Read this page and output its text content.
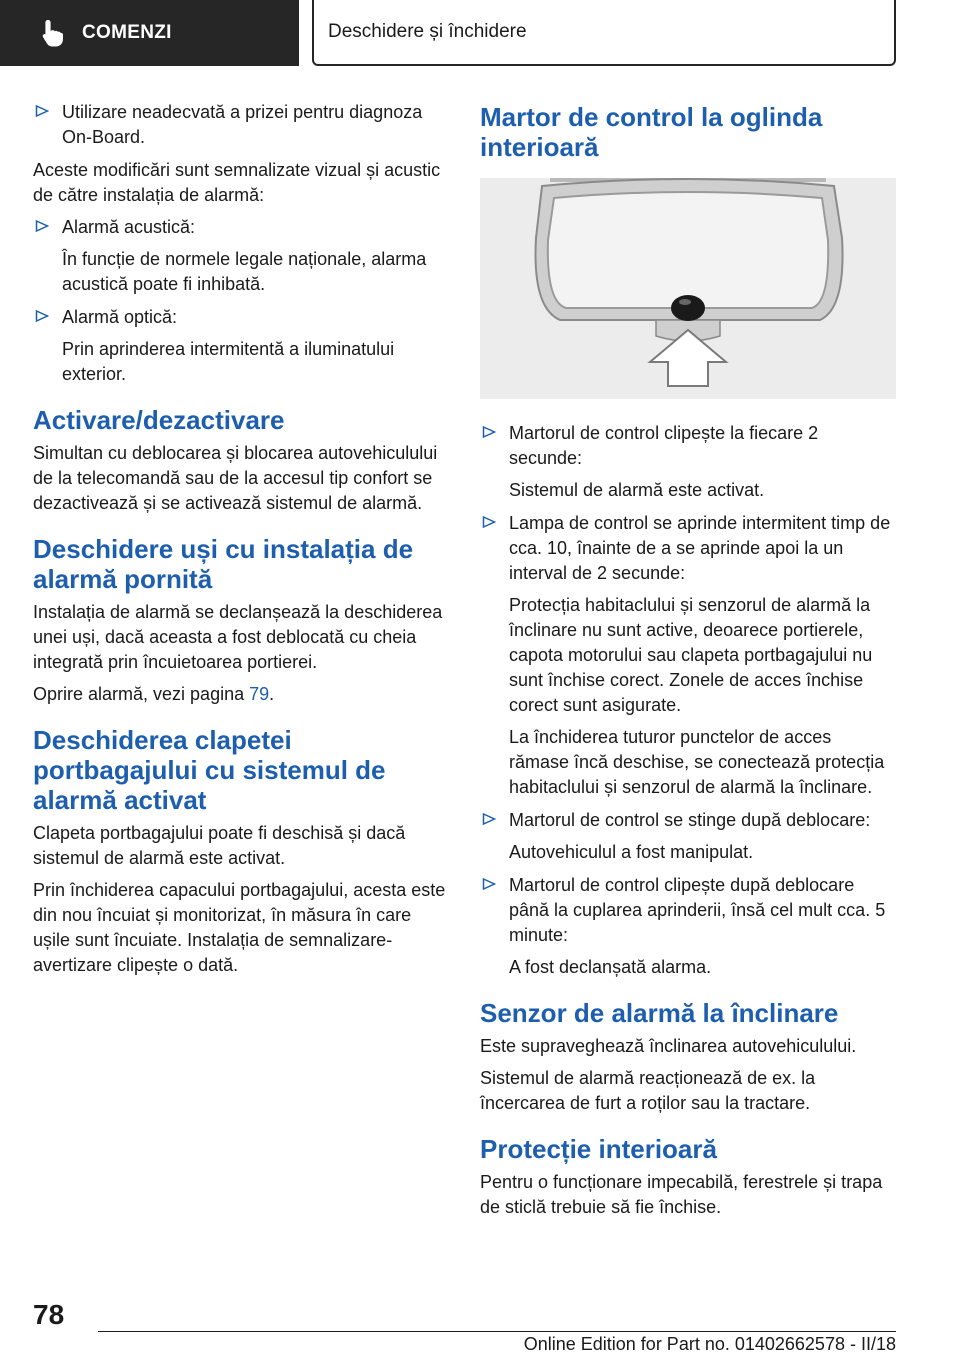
COMENZI	Deschidere și închidere

Utilizare neadecvată a prizei pentru diagnoza On-Board.

Aceste modificări sunt semnalizate vizual și acustic de către instalația de alarmă:

Alarmă acustică:

În funcție de normele legale naționale, alarma acustică poate fi inhibată.

Alarmă optică:

Prin aprinderea intermitentă a iluminatului exterior.

Activare/dezactivare

Simultan cu deblocarea și blocarea autovehiculului de la telecomandă sau de la accesul tip confort se dezactivează și se activează sistemul de alarmă.

Deschidere uși cu instalația de alarmă pornită

Instalația de alarmă se declanșează la deschiderea unei uși, dacă aceasta a fost deblocată cu cheia integrată prin încuietoarea portierei.

Oprire alarmă, vezi pagina 79.

Deschiderea clapetei portbagajului cu sistemul de alarmă activat

Clapeta portbagajului poate fi deschisă și dacă sistemul de alarmă este activat.

Prin închiderea capacului portbagajului, acesta este din nou încuiat și monitorizat, în măsura în care ușile sunt încuiate. Instalația de semnalizare-avertizare clipește o dată.

Martor de control la oglinda interioară

Martorul de control clipește la fiecare 2 secunde:

Sistemul de alarmă este activat.

Lampa de control se aprinde intermitent timp de cca. 10, înainte de a se aprinde apoi la un interval de 2 secunde:

Protecția habitaclului și senzorul de alarmă la înclinare nu sunt active, deoarece portierele, capota motorului sau clapeta portbagajului nu sunt închise corect. Zonele de acces închise corect sunt asigurate.

La închiderea tuturor punctelor de acces rămase încă deschise, se conectează protecția habitaclului și senzorul de alarmă la înclinare.

Martorul de control se stinge după deblocare:

Autovehiculul a fost manipulat.

Martorul de control clipește după deblocare până la cuplarea aprinderii, însă cel mult cca. 5 minute:

A fost declanșată alarma.

Senzor de alarmă la înclinare

Este supraveghează înclinarea autovehiculului.

Sistemul de alarmă reacționează de ex. la încercarea de furt a roților sau la tractare.

Protecție interioară

Pentru o funcționare impecabilă, ferestrele și trapa de sticlă trebuie să fie închise.

78
Online Edition for Part no. 01402662578 - II/18
